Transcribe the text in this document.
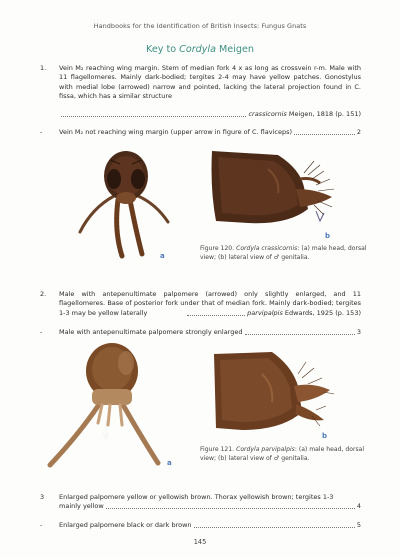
Handbooks for the Identification of British Insects: Fungus Gnats
Key to Cordyla Meigen
1. Vein M₂ reaching wing margin. Stem of median fork 4 x as long as crossvein r-m. Male with 11 flagellomeres. Mainly dark-bodied; tergites 2-4 may have yellow patches. Gonostylus with medial lobe (arrowed) narrow and pointed, lacking the lateral projection found in C. fissa, which has a similar structure
crassicornis Meigen, 1818 (p. 151)
-	Vein M₂ not reaching wing margin (upper arrow in figure of C. flaviceps)	2
a
b
Figure 120. Cordyla crassicornis: (a) male head, dorsal view; (b) lateral view of ♂ genitalia.
2. Male with antepenultimate palpomere (arrowed) only slightly enlarged, and 11 flagellomeres. Base of posterior fork under that of median fork. Mainly dark-bodied; tergites 1-3 may be yellow laterally	parvipalpis Edwards, 1925 (p. 153)
-	Male with antepenultimate palpomere strongly enlarged	3
a
b
Figure 121. Cordyla parvipalpis: (a) male head, dorsal view; (b) lateral view of ♂ genitalia.
3 Enlarged palpomere yellow or yellowish brown. Thorax yellowish brown; tergites 1-3
mainly yellow	4
-	Enlarged palpomere black or dark brown	5
145
